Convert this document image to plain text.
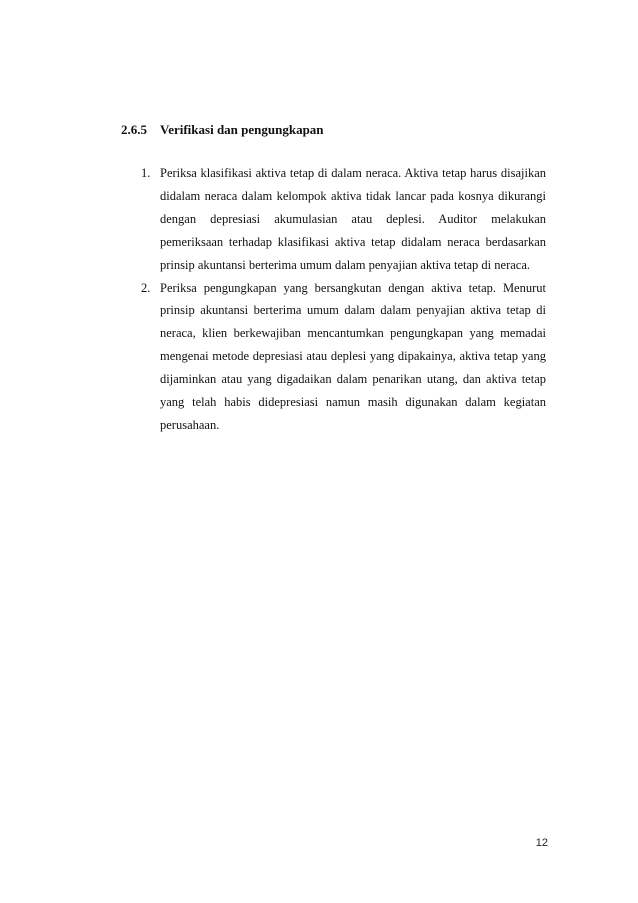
2.6.5 Verifikasi dan pengungkapan
1. Periksa klasifikasi aktiva tetap di dalam neraca. Aktiva tetap harus disajikan didalam neraca dalam kelompok aktiva tidak lancar pada kosnya dikurangi dengan depresiasi akumulasian atau deplesi. Auditor melakukan pemeriksaan terhadap klasifikasi aktiva tetap didalam neraca berdasarkan prinsip akuntansi berterima umum dalam penyajian aktiva tetap di neraca.
2. Periksa pengungkapan yang bersangkutan dengan aktiva tetap. Menurut prinsip akuntansi berterima umum dalam dalam penyajian aktiva tetap di neraca, klien berkewajiban mencantumkan pengungkapan yang memadai mengenai metode depresiasi atau deplesi yang dipakainya, aktiva tetap yang dijaminkan atau yang digadaikan dalam penarikan utang, dan aktiva tetap yang telah habis didepresiasi namun masih digunakan dalam kegiatan perusahaan.
12
